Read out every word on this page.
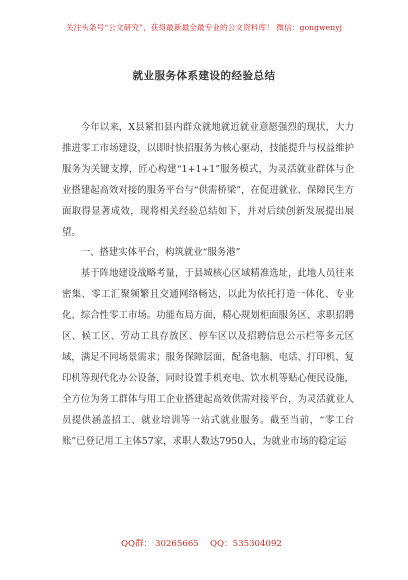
关注头条号“公文研究”，获得最新最全最专业的公文资料库！ 微信：gongwenyj
就业服务体系建设的经验总结

今年以来，X县紧扣县内群众就地就近就业意愿强烈的现状，大力推进零工市场建设，以即时快招服务为核心驱动，技能提升与权益维护服务为关键支撑，匠心构建“1+1+1”服务模式，为灵活就业群体与企业搭建起高效对接的服务平台与“供需桥梁”，在促进就业、保障民生方面取得显著成效，现将相关经验总结如下，并对后续创新发展提出展望。

一、搭建实体平台，构筑就业“服务港”

基于阵地建设战略考量，于县城核心区域精准选址，此地人员往来密集、零工汇聚频繁且交通网络畅达，以此为依托打造一体化、专业化、综合性零工市场。功能布局方面，精心规划柜面服务区、求职招聘区、候工区、劳动工具存放区、停车区以及招聘信息公示栏等多元区域，满足不同场景需求；服务保障层面，配备电脑、电话、打印机、复印机等现代化办公设备，同时设置手机充电、饮水机等贴心便民设施，全方位为务工群体与用工企业搭建起高效供需对接平台，为灵活就业人员提供涵盖招工、就业培训等一站式就业服务。截至当前，“零工台账”已登记用工主体57家，求职人数达7950人，为就业市场的稳定运

QQ群： 30265665 QQ：535304092
